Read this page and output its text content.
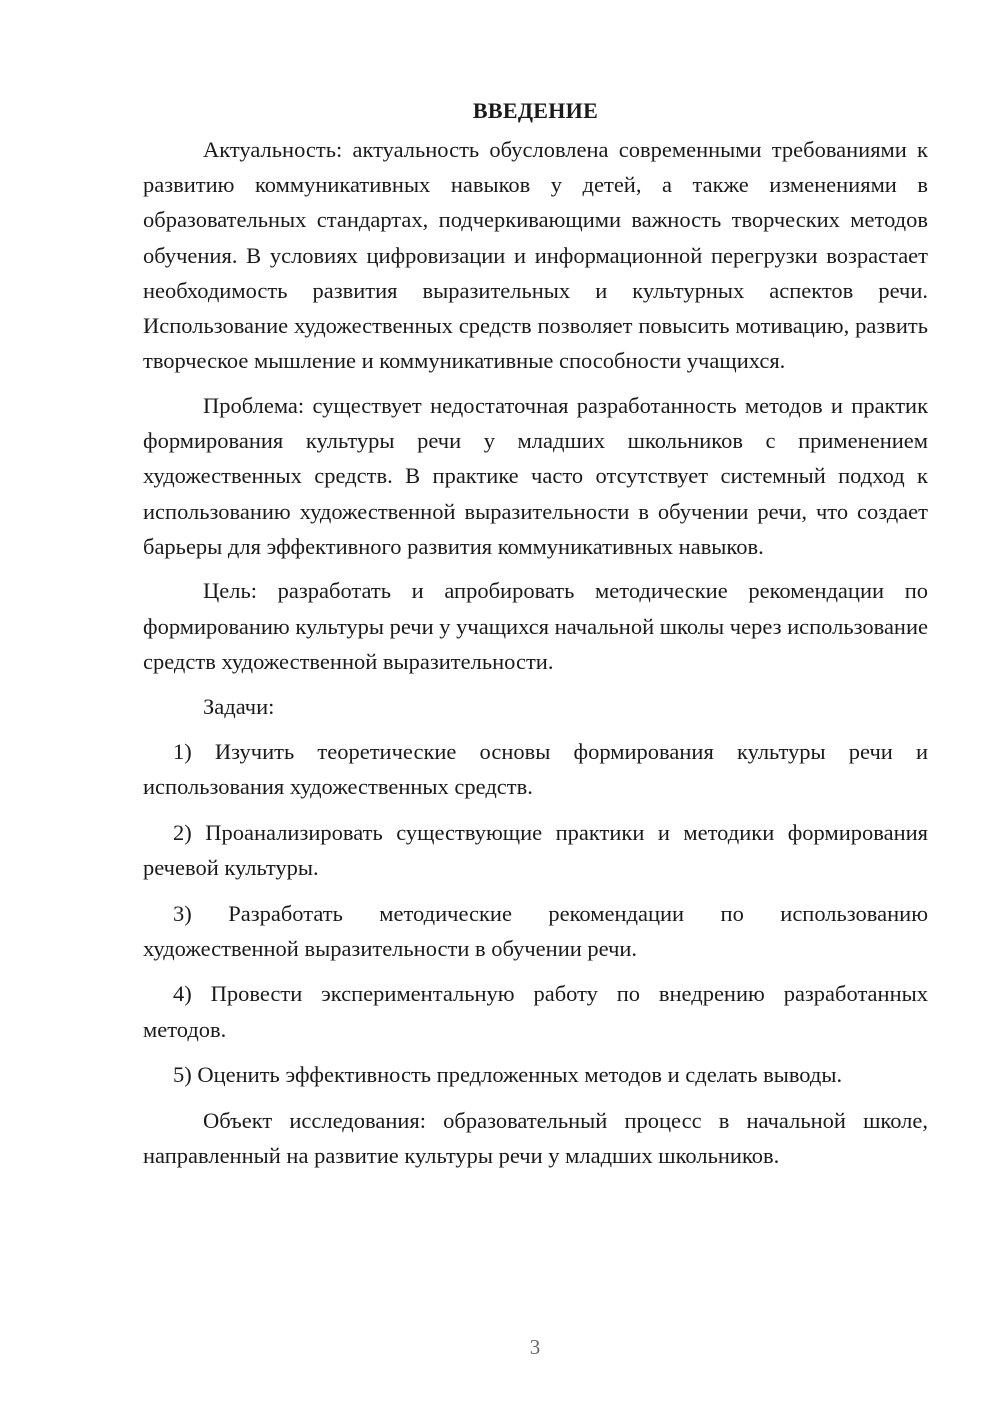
ВВЕДЕНИЕ

Актуальность: актуальность обусловлена современными требованиями к развитию коммуникативных навыков у детей, а также изменениями в образовательных стандартах, подчеркивающими важность творческих методов обучения. В условиях цифровизации и информационной перегрузки возрастает необходимость развития выразительных и культурных аспектов речи. Использование художественных средств позволяет повысить мотивацию, развить творческое мышление и коммуникативные способности учащихся.

Проблема: существует недостаточная разработанность методов и практик формирования культуры речи у младших школьников с применением художественных средств. В практике часто отсутствует системный подход к использованию художественной выразительности в обучении речи, что создает барьеры для эффективного развития коммуникативных навыков.

Цель: разработать и апробировать методические рекомендации по формированию культуры речи у учащихся начальной школы через использование средств художественной выразительности.

Задачи:

1) Изучить теоретические основы формирования культуры речи и использования художественных средств.

2) Проанализировать существующие практики и методики формирования речевой культуры.

3) Разработать методические рекомендации по использованию художественной выразительности в обучении речи.

4) Провести экспериментальную работу по внедрению разработанных методов.

5) Оценить эффективность предложенных методов и сделать выводы.

Объект исследования: образовательный процесс в начальной школе, направленный на развитие культуры речи у младших школьников.

3
